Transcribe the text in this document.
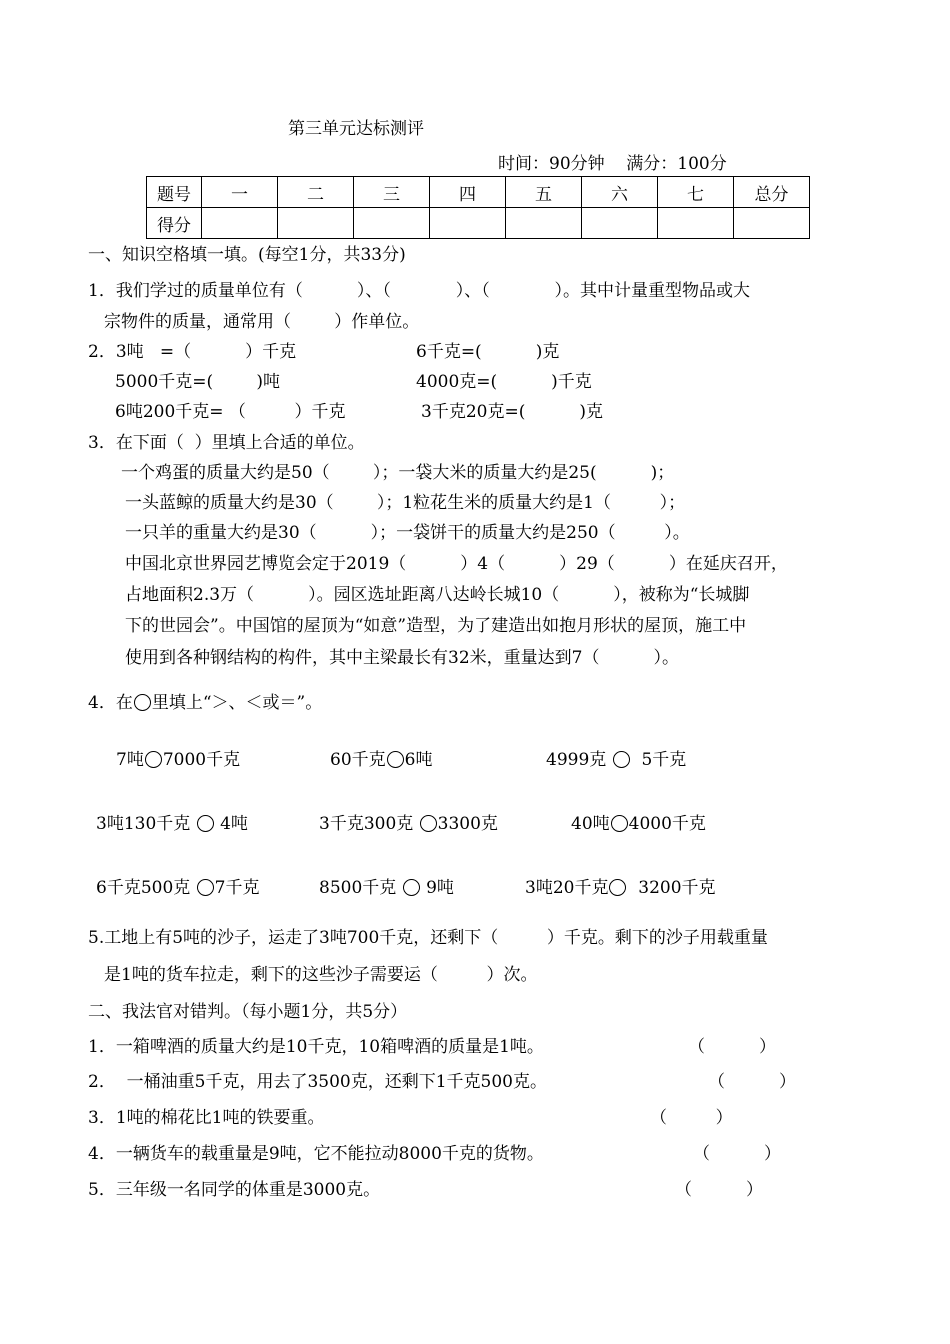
第三单元达标测评
时间：90分钟    满分：100分
题号	一	二	三	四	五	六	七	总分
得分								
一、知识空格填一填。(每空1分，共33分)
1．我们学过的质量单位有（          ）、（            ）、（            ）。其中计量重型物品或大
宗物件的质量，通常用（        ）作单位。
2．3吨   =（          ）千克	6千克=(          )克
5000千克=(        )吨	4000克=(          )千克
6吨200千克= （         ）千克	3千克20克=(          )克
3．在下面（  ）里填上合适的单位。
一个鸡蛋的质量大约是50（        ）；一袋大米的质量大约是25(          )；
一头蓝鲸的质量大约是30（        ）；1粒花生米的质量大约是1（         ）；
一只羊的重量大约是30（          ）；一袋饼干的质量大约是250（         ）。
中国北京世界园艺博览会定于2019（          ）4（          ）29（          ）在延庆召开，
占地面积2.3万（          ）。园区选址距离八达岭长城10（          ），被称为“长城脚
下的世园会”。中国馆的屋顶为“如意”造型，为了建造出如抱月形状的屋顶，施工中
使用到各种钢结构的构件，其中主梁最长有32米，重量达到7（          ）。
4．在 里填上“＞、＜或＝”。
7吨 7000千克	60千克 6吨	4999克   5千克
3吨130千克  4吨	3千克300克 3300克	40吨 4000千克
6千克500克 7千克	8500千克  9吨	3吨20千克  3200千克
5.工地上有5吨的沙子，运走了3吨700千克，还剩下（         ）千克。剩下的沙子用载重量
是1吨的货车拉走，剩下的这些沙子需要运（         ）次。
二、我法官对错判。（每小题1分，共5分）
1．一箱啤酒的质量大约是10千克，10箱啤酒的质量是1吨。	（          ）
2．  一桶油重5千克，用去了3500克，还剩下1千克500克。	（          ）
3．1吨的棉花比1吨的铁要重。	（         ）
4．一辆货车的载重量是9吨，它不能拉动8000千克的货物。	（          ）
5．三年级一名同学的体重是3000克。	（          ）
